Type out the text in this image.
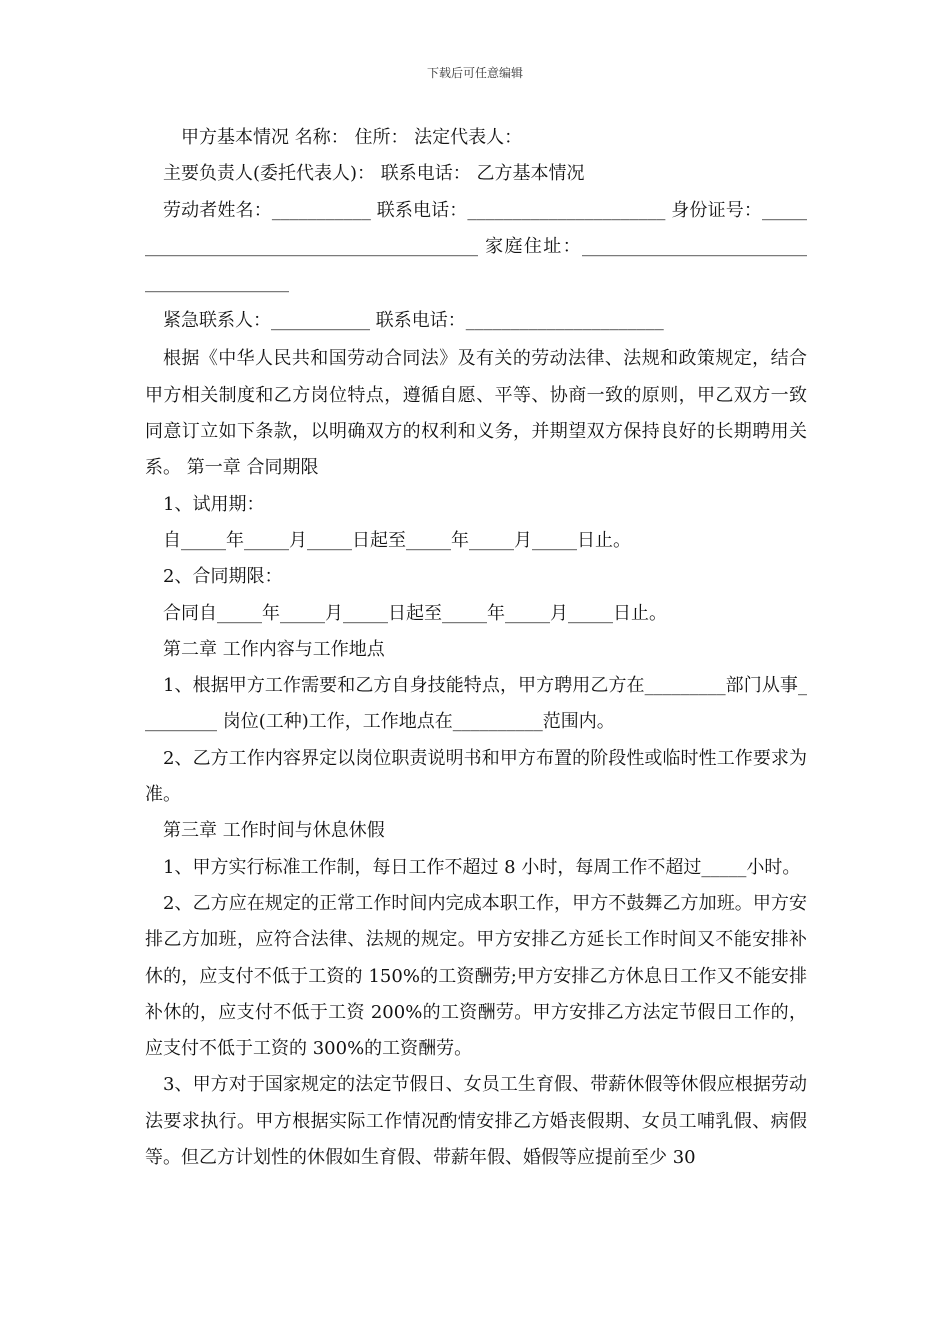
下载后可任意编辑

甲方基本情况 名称： 住所： 法定代表人：

主要负责人(委托代表人)： 联系电话： 乙方基本情况

劳动者姓名：___________ 联系电话：______________________ 身份证号：__________________________________________ 家庭住址：_________________________________________

紧急联系人：___________ 联系电话：______________________

根据《中华人民共和国劳动合同法》及有关的劳动法律、法规和政策规定，结合甲方相关制度和乙方岗位特点，遵循自愿、平等、协商一致的原则，甲乙双方一致同意订立如下条款，以明确双方的权利和义务，并期望双方保持良好的长期聘用关系。 第一章 合同期限

1、试用期：

自_____年_____月_____日起至_____年_____月_____日止。

2、合同期限：

合同自_____年_____月_____日起至_____年_____月_____日止。

第二章 工作内容与工作地点

1、根据甲方工作需要和乙方自身技能特点，甲方聘用乙方在_________部门从事_________ 岗位(工种)工作，工作地点在__________范围内。

2、乙方工作内容界定以岗位职责说明书和甲方布置的阶段性或临时性工作要求为准。

第三章 工作时间与休息休假

1、甲方实行标准工作制，每日工作不超过 8 小时，每周工作不超过_____小时。

2、乙方应在规定的正常工作时间内完成本职工作，甲方不鼓舞乙方加班。甲方安排乙方加班，应符合法律、法规的规定。甲方安排乙方延长工作时间又不能安排补休的，应支付不低于工资的 150%的工资酬劳;甲方安排乙方休息日工作又不能安排补休的，应支付不低于工资 200%的工资酬劳。甲方安排乙方法定节假日工作的，应支付不低于工资的 300%的工资酬劳。

3、甲方对于国家规定的法定节假日、女员工生育假、带薪休假等休假应根据劳动法要求执行。甲方根据实际工作情况酌情安排乙方婚丧假期、女员工哺乳假、病假等。但乙方计划性的休假如生育假、带薪年假、婚假等应提前至少 30
